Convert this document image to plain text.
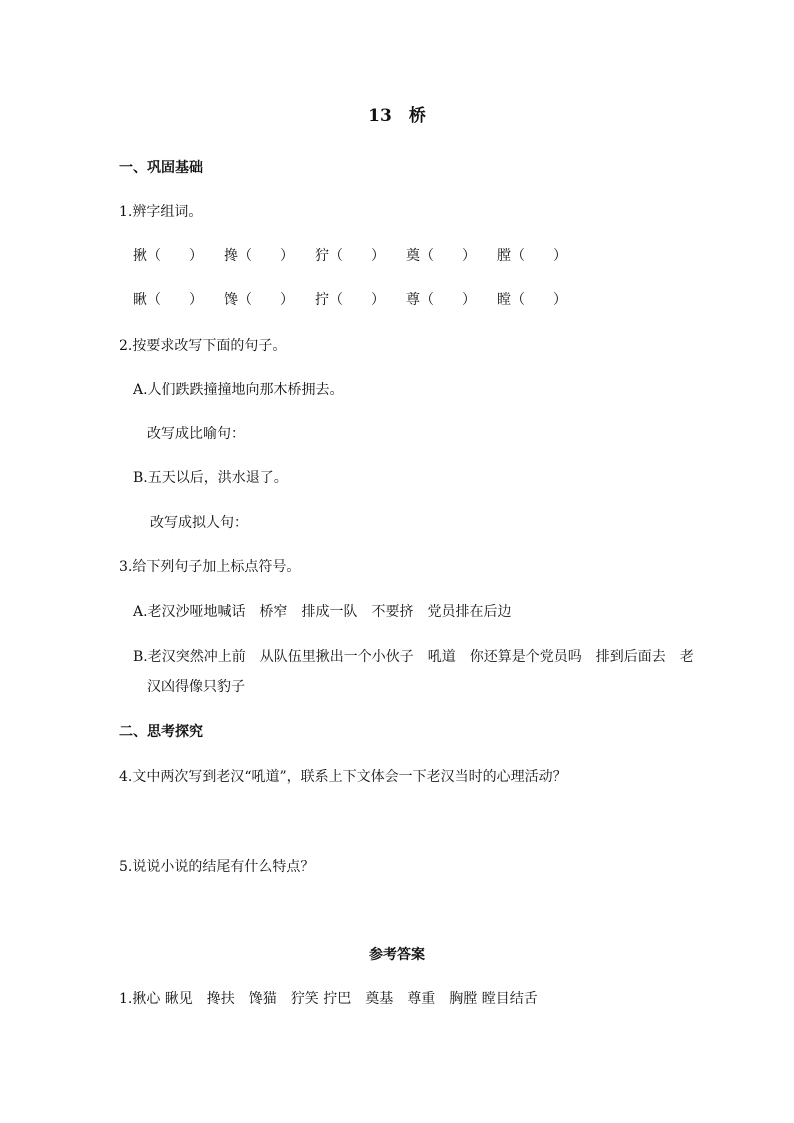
13　桥
一、巩固基础
1.辨字组词。
揪（　　） 搀（　　） 狞（　　） 奠（　　） 膛（　　）
瞅（　　） 馋（　　） 拧（　　） 尊（　　） 瞠（　　）
2.按要求改写下面的句子。
A.人们跌跌撞撞地向那木桥拥去。
改写成比喻句：
B.五天以后，洪水退了。
改写成拟人句：
3.给下列句子加上标点符号。
A.老汉沙哑地喊话　桥窄　排成一队　不要挤　党员排在后边
B.老汉突然冲上前　从队伍里揪出一个小伙子　吼道　你还算是个党员吗　排到后面去　老
汉凶得像只豹子
二、思考探究
4.文中两次写到老汉“吼道”，联系上下文体会一下老汉当时的心理活动？
5.说说小说的结尾有什么特点？
参考答案
1.揪心 瞅见　搀扶　馋猫　狞笑 拧巴　奠基　尊重　胸膛 瞠目结舌
